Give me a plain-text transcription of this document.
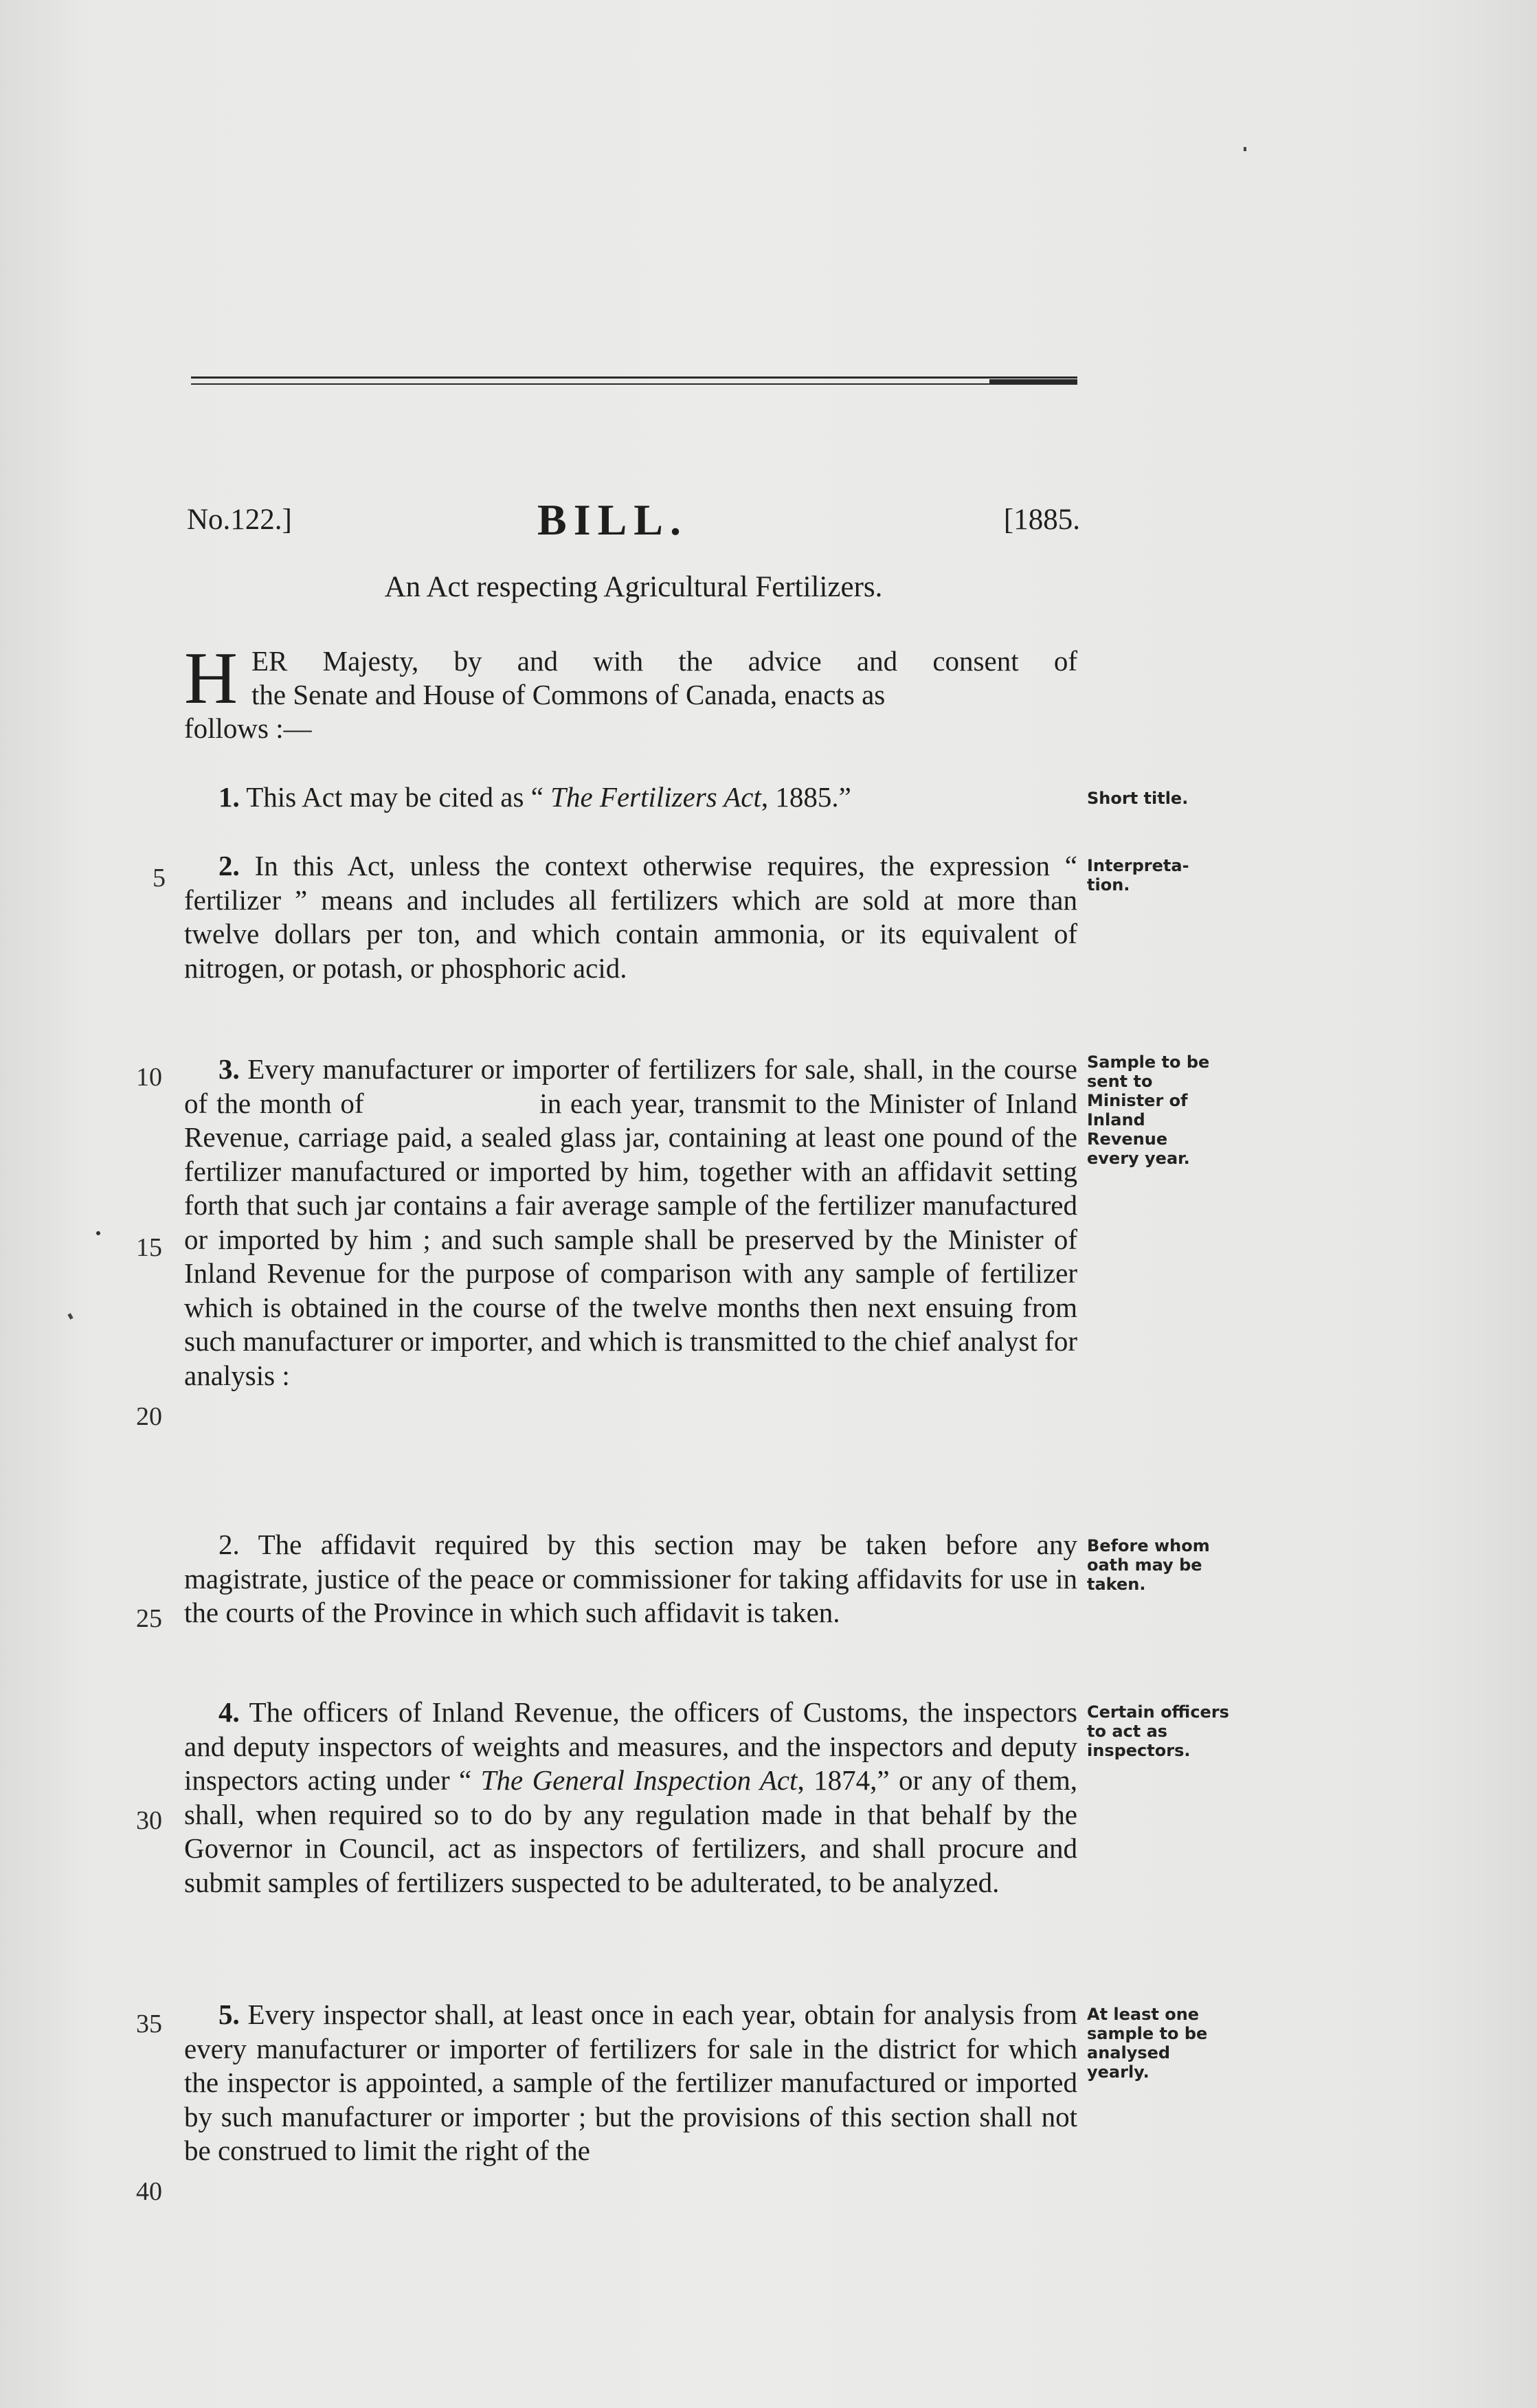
No.122.]	BILL.	[1885.
An Act respecting Agricultural Fertilizers.
H ER Majesty, by and with the advice and consent of
the Senate and House of Commons of Canada, enacts as
follows :—

1. This Act may be cited as “ The Fertilizers Act, 1885.”	Short title.

2. In this Act, unless the context otherwise requires, the expression “ fertilizer ” means and includes all fertilizers which are sold at more than twelve dollars per ton, and which contain ammonia, or its equivalent of nitrogen, or potash, or phosphoric acid.

Interpreta-tion.

3. Every manufacturer or importer of fertilizers for sale, shall, in the course of the month of                    in each year, transmit to the Minister of Inland Revenue, carriage paid, a sealed glass jar, containing at least one pound of the fertilizer manufactured or imported by him, together with an affidavit setting forth that such jar contains a fair average sample of the fertilizer manufactured or imported by him ; and such sample shall be preserved by the Minister of Inland Revenue for the purpose of comparison with any sample of fertilizer which is obtained in the course of the twelve months then next ensuing from such manufacturer or importer, and which is transmitted to the chief analyst for analysis :

Sample to be sent to Minister of Inland Revenue every year.

2. The affidavit required by this section may be taken before any magistrate, justice of the peace or commissioner for taking affidavits for use in the courts of the Province in which such affidavit is taken.

Before whom oath may be taken.

4. The officers of Inland Revenue, the officers of Customs, the inspectors and deputy inspectors of weights and measures, and the inspectors and deputy inspectors acting under “ The General Inspection Act, 1874,” or any of them, shall, when required so to do by any regulation made in that behalf by the Governor in Council, act as inspectors of fertilizers, and shall procure and submit samples of fertilizers suspected to be adulterated, to be analyzed.

Certain officers to act as inspectors.

5. Every inspector shall, at least once in each year, obtain for analysis from every manufacturer or importer of fertilizers for sale in the district for which the inspector is appointed, a sample of the fertilizer manufactured or imported by such manufacturer or importer ; but the provisions of this section shall not be construed to limit the right of the

At least one sample to be analysed yearly.
5
10
15
20
25
30
35
40
